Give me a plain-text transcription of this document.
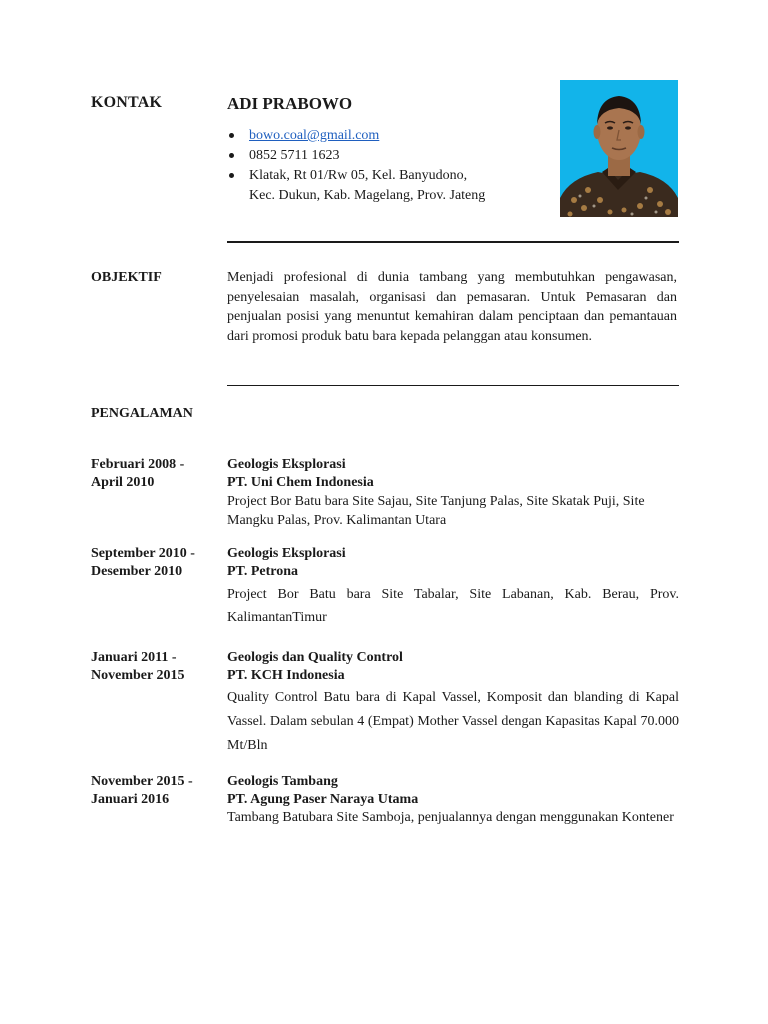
KONTAK	ADI PRABOWO
bowo.coal@gmail.com
0852 5711 1623
Klatak, Rt 01/Rw 05, Kel. Banyudono,
Kec. Dukun, Kab. Magelang, Prov. Jateng
OBJEKTIF	Menjadi profesional di dunia tambang yang membutuhkan pengawasan, penyelesaian masalah, organisasi dan pemasaran. Untuk Pemasaran dan penjualan posisi yang menuntut kemahiran dalam penciptaan dan pemantauan dari promosi produk batu bara kepada pelanggan atau konsumen.
PENGALAMAN
Februari 2008 -
April 2010
Geologis Eksplorasi
PT. Uni Chem Indonesia
Project Bor Batu bara Site Sajau, Site Tanjung Palas, Site Skatak Puji, Site Mangku Palas, Prov. Kalimantan Utara
September 2010 -
Desember 2010
Geologis Eksplorasi
PT. Petrona
Project Bor Batu bara Site Tabalar, Site Labanan, Kab. Berau, Prov. KalimantanTimur
Januari 2011 -
November 2015
Geologis dan Quality Control
PT. KCH Indonesia
Quality Control Batu bara di Kapal Vassel, Komposit dan blanding di Kapal Vassel. Dalam sebulan 4 (Empat) Mother Vassel dengan Kapasitas Kapal 70.000 Mt/Bln
November 2015 -
Januari 2016
Geologis Tambang
PT. Agung Paser Naraya Utama
Tambang Batubara Site Samboja, penjualannya dengan menggunakan Kontener
